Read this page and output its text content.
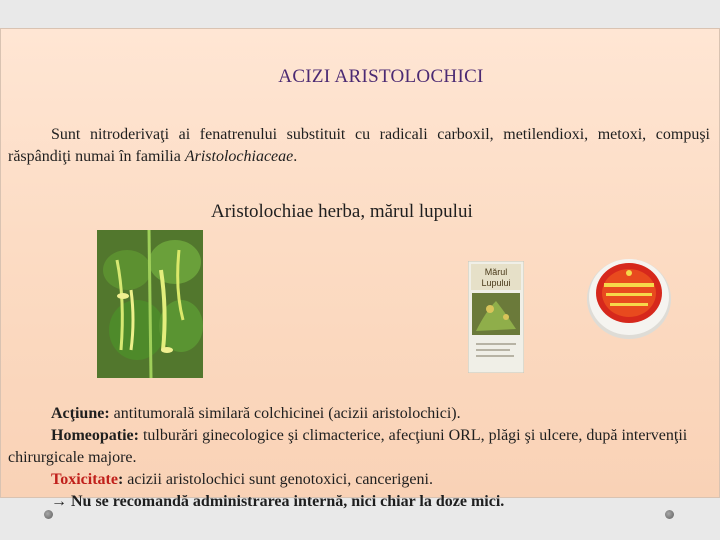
ACIZI ARISTOLOCHICI
Sunt nitroderivaţi ai fenatrenului substituit cu radicali carboxil, metilendioxi, metoxi, compuşi răspândiţi numai în familia Aristolochiaceae.
Aristolochiae herba, mărul lupului
Mărul
Lupului

Acţiune: antitumorală similară colchicinei (acizii aristolochici).

Homeopatie: tulburări ginecologice şi climacterice, afecţiuni ORL, plăgi şi ulcere, după intervenţii chirurgicale majore.

Toxicitate: acizii aristolochici sunt genotoxici, cancerigeni.

→ Nu se recomandă administrarea internă, nici chiar la doze mici.
